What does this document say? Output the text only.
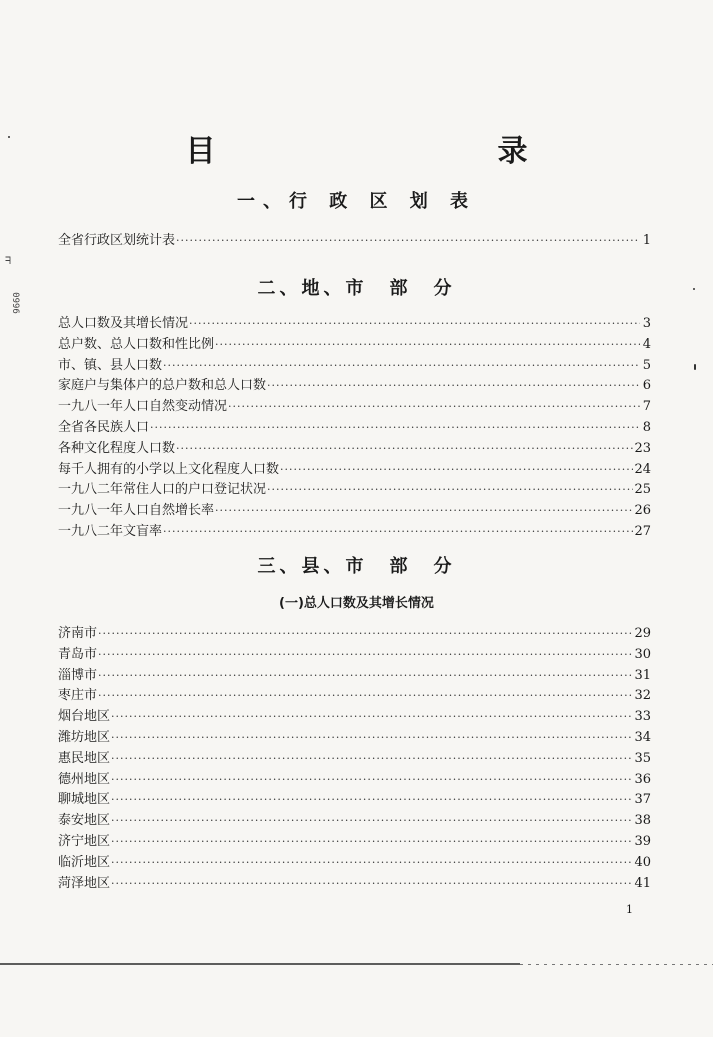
目　　录
一、行 政 区 划 表
全省行政区划统计表 ·····	1
二、地、市　部　分
总人口数及其增长情况 ·····	3
总户数、总人口数和性比例 ·····	4
市、镇、县人口数 ·····	5
家庭户与集体户的总户数和总人口数 ·····	6
一九八一年人口自然变动情况 ·····	7
全省各民族人口 ·····	8
各种文化程度人口数 ·····	23
每千人拥有的小学以上文化程度人口数 ·····	24
一九八二年常住人口的户口登记状况 ·····	25
一九八一年人口自然增长率 ·····	26
一九八二年文盲率 ·····	27
三、县、市　部　分
(一)总人口数及其增长情况
济南市 ·····	29
青岛市 ·····	30
淄博市 ·····	31
枣庄市 ·····	32
烟台地区 ·····	33
潍坊地区 ·····	34
惠民地区 ·····	35
德州地区 ·····	36
聊城地区 ·····	37
泰安地区 ·····	38
济宁地区 ·····	39
临沂地区 ·····	40
菏泽地区 ·····	41
1
ᖷ
0996
